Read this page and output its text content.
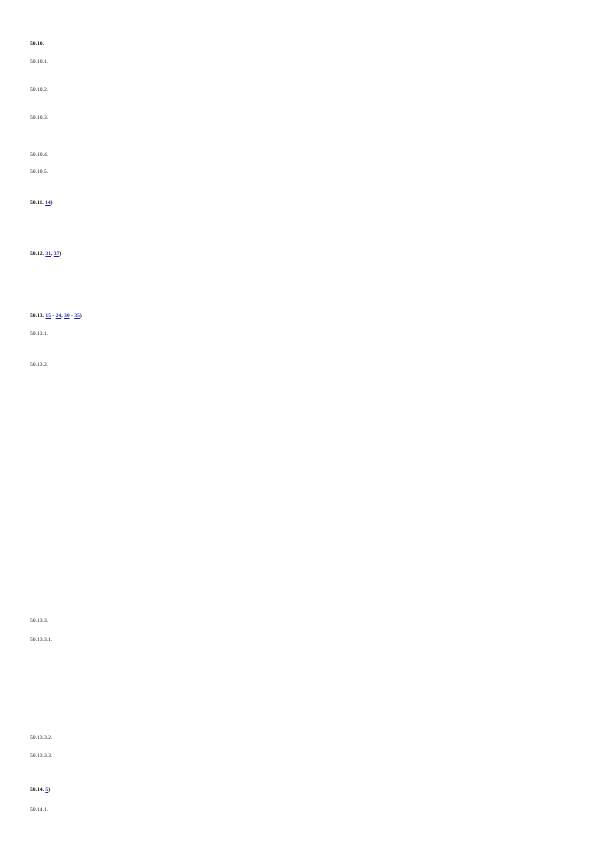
50.10.
50.10.1.
50.10.2.
50.10.3.
50.10.4.
50.10.5.
50.11. 14)
50.12. 31, 37)
50.13. 15 - 24, 30 - 35)
50.13.1.
50.13.2.
50.13.3.
50.13.3.1.
50.13.3.2.
50.13.3.3.
50.14. 5)
50.14.1.
